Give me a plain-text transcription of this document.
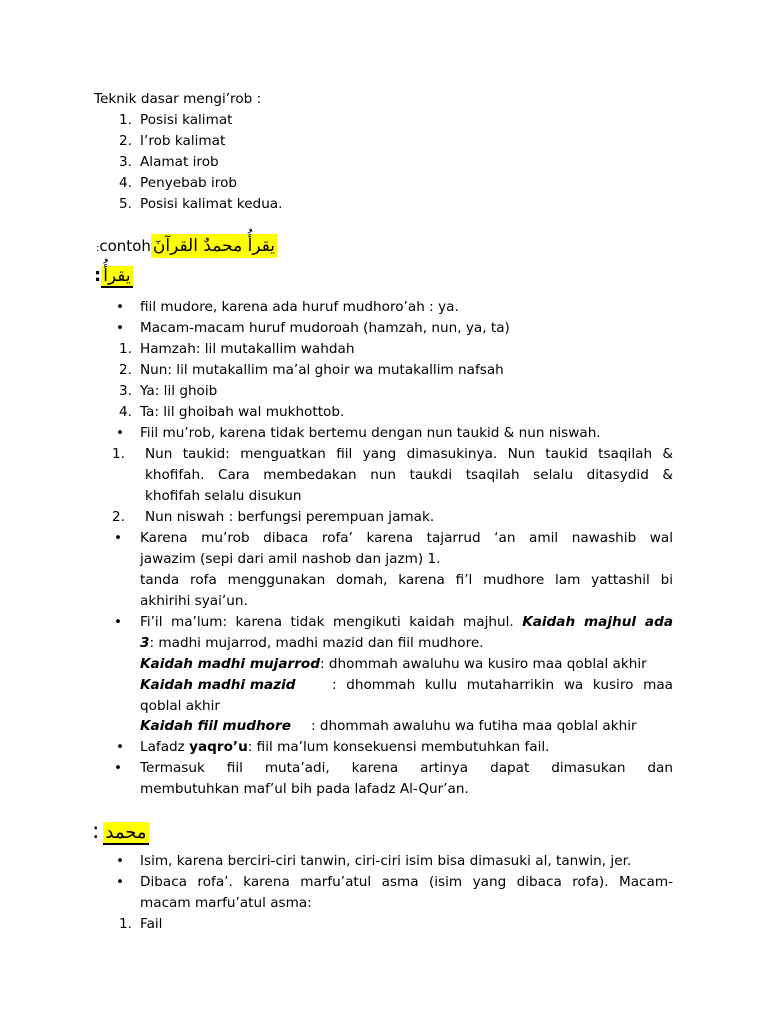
Teknik dasar mengi’rob :
1. Posisi kalimat
2. I’rob kalimat
3. Alamat irob
4. Penyebab irob
5. Posisi kalimat kedua.
:contoh يقرأُ محمدٌ القرآنَ
: يقرأُ
• fiil mudore, karena ada huruf mudhoro’ah : ya.
• Macam-macam huruf mudoroah (hamzah, nun, ya, ta)
1. Hamzah: lil mutakallim wahdah
2. Nun: lil mutakallim ma’al ghoir wa mutakallim nafsah
3. Ya: lil ghoib
4. Ta: lil ghoibah wal mukhottob.
• Fiil mu’rob, karena tidak bertemu dengan nun taukid & nun niswah.
1. Nun taukid: menguatkan fiil yang dimasukinya. Nun taukid tsaqilah &
khofifah. Cara membedakan nun taukdi tsaqilah selalu ditasydid &
khofifah selalu disukun
2. Nun niswah : berfungsi perempuan jamak.
• Karena mu’rob dibaca rofa’ karena tajarrud ‘an amil nawashib wal
jawazim (sepi dari amil nashob dan jazm) 1.
tanda rofa menggunakan domah, karena fi’l mudhore lam yattashil bi
akhirihi syai’un.
• Fi’il ma’lum: karena tidak mengikuti kaidah majhul. Kaidah majhul ada
3: madhi mujarrod, madhi mazid dan fiil mudhore.
Kaidah madhi mujarrod: dhommah awaluhu wa kusiro maa qoblal akhir
Kaidah madhi mazid	: dhommah kullu mutaharrikin wa kusiro maa
qoblal akhir
Kaidah fiil mudhore : dhommah awaluhu wa futiha maa qoblal akhir
• Lafadz yaqro’u: fiil ma’lum konsekuensi membutuhkan fail.
• Termasuk fiil muta’adi, karena artinya dapat dimasukan dan
membutuhkan maf’ul bih pada lafadz Al-Qur’an.
: محمد
• Isim, karena berciri-ciri tanwin, ciri-ciri isim bisa dimasuki al, tanwin, jer.
• Dibaca rofa’. karena marfu’atul asma (isim yang dibaca rofa). Macam-
macam marfu’atul asma:
1. Fail
